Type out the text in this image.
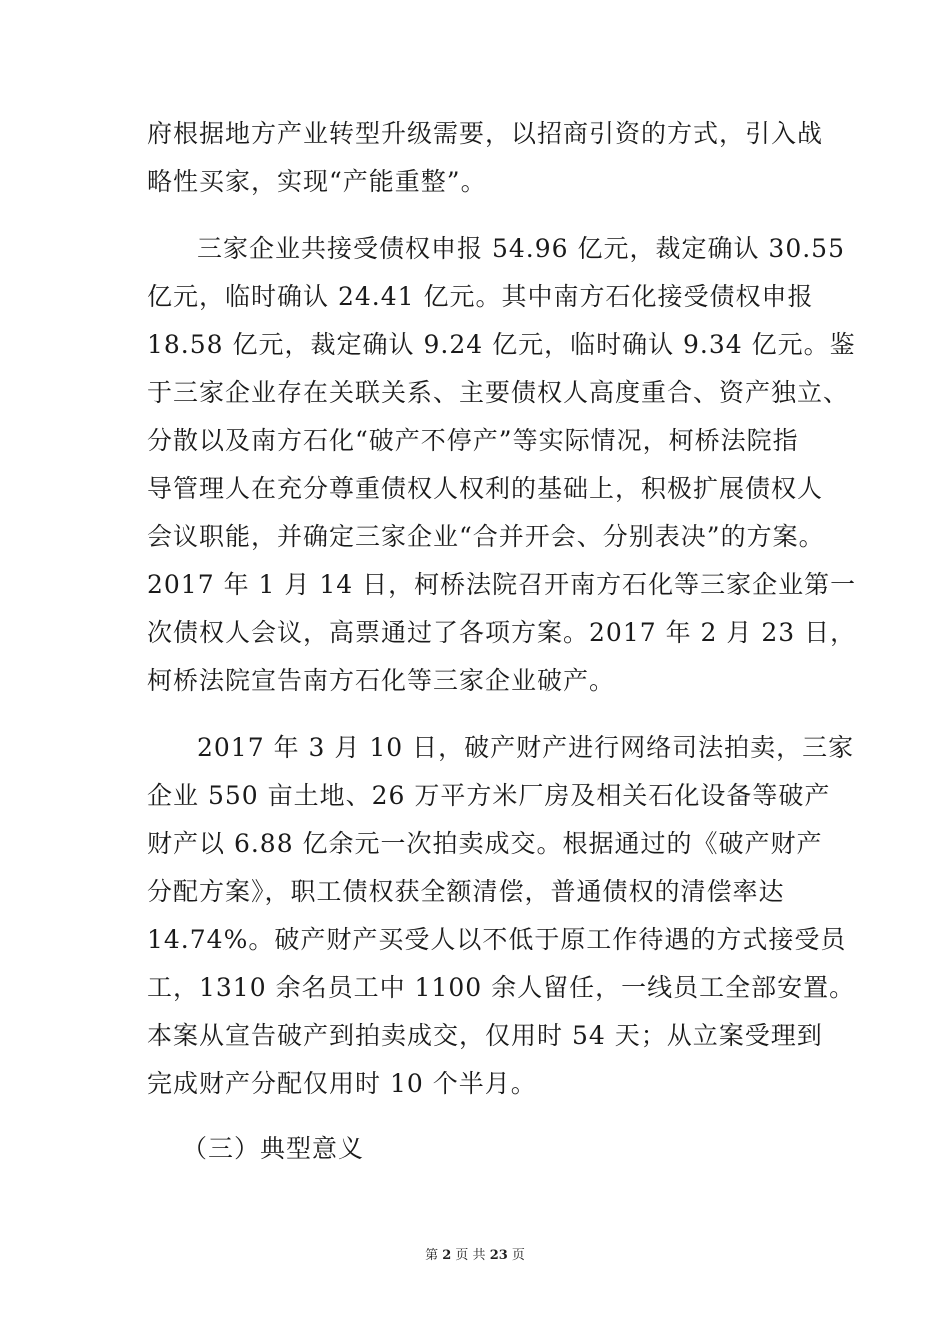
府根据地方产业转型升级需要，以招商引资的方式，引入战
略性买家，实现“产能重整”。
三家企业共接受债权申报 54.96 亿元，裁定确认 30.55
亿元，临时确认 24.41 亿元。其中南方石化接受债权申报
18.58 亿元，裁定确认 9.24 亿元，临时确认 9.34 亿元。鉴
于三家企业存在关联关系、主要债权人高度重合、资产独立、
分散以及南方石化“破产不停产”等实际情况，柯桥法院指
导管理人在充分尊重债权人权利的基础上，积极扩展债权人
会议职能，并确定三家企业“合并开会、分别表决”的方案。
2017 年 1 月 14 日，柯桥法院召开南方石化等三家企业第一
次债权人会议，高票通过了各项方案。2017 年 2 月 23 日，
柯桥法院宣告南方石化等三家企业破产。
2017 年 3 月 10 日，破产财产进行网络司法拍卖，三家
企业 550 亩土地、26 万平方米厂房及相关石化设备等破产
财产以 6.88 亿余元一次拍卖成交。根据通过的《破产财产
分配方案》，职工债权获全额清偿，普通债权的清偿率达
14.74%。破产财产买受人以不低于原工作待遇的方式接受员
工，1310 余名员工中 1100 余人留任，一线员工全部安置。
本案从宣告破产到拍卖成交，仅用时 54 天；从立案受理到
完成财产分配仅用时 10 个半月。
（三）典型意义
第 2 页 共 23 页
